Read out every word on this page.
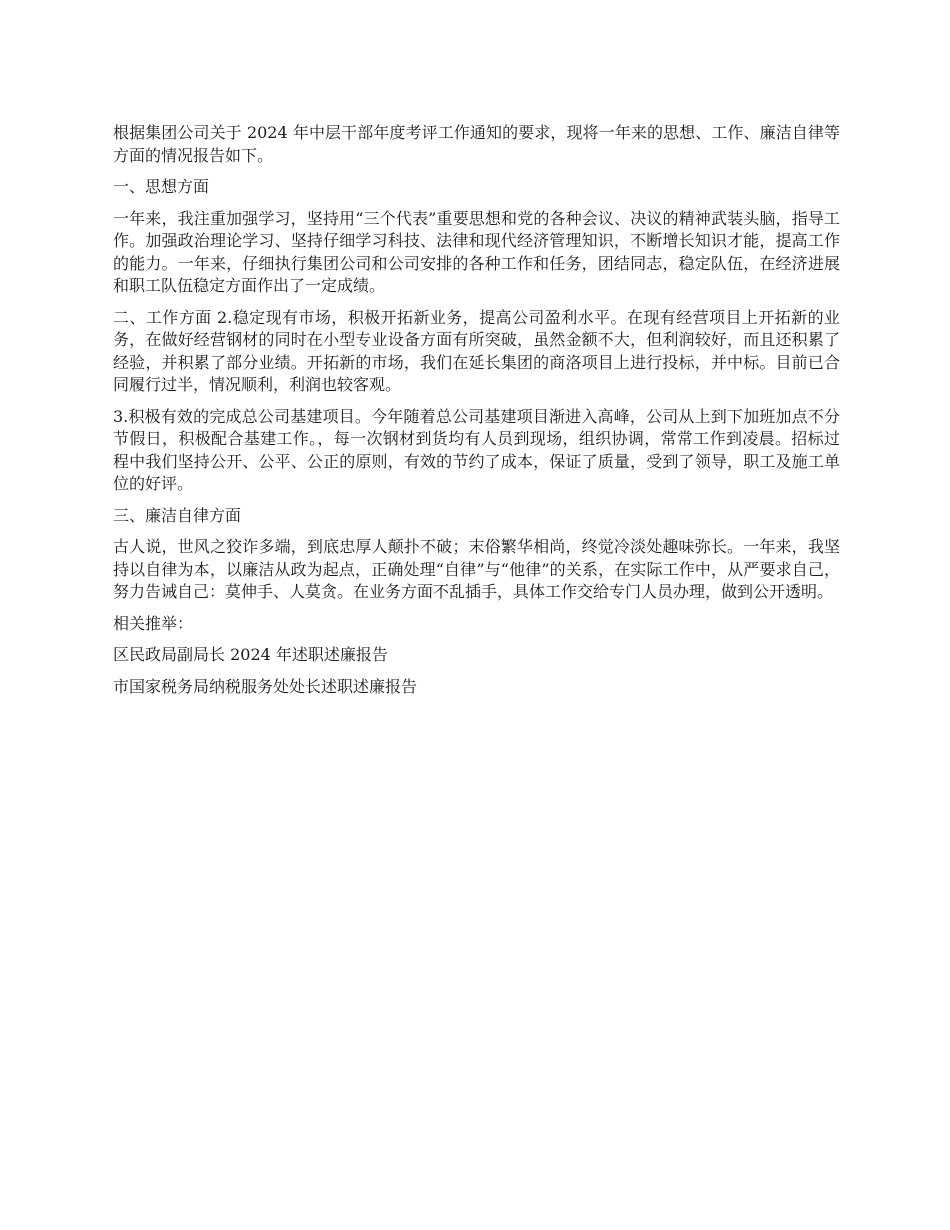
根据集团公司关于 2024 年中层干部年度考评工作通知的要求，现将一年来的思想、工作、廉洁自律等方面的情况报告如下。

一、思想方面

一年来，我注重加强学习，坚持用“三个代表”重要思想和党的各种会议、决议的精神武装头脑，指导工作。加强政治理论学习、坚持仔细学习科技、法律和现代经济管理知识，不断增长知识才能，提高工作的能力。一年来，仔细执行集团公司和公司安排的各种工作和任务，团结同志，稳定队伍，在经济进展和职工队伍稳定方面作出了一定成绩。

二、工作方面 2.稳定现有市场，积极开拓新业务，提高公司盈利水平。在现有经营项目上开拓新的业务，在做好经营钢材的同时在小型专业设备方面有所突破，虽然金额不大，但利润较好，而且还积累了经验，并积累了部分业绩。开拓新的市场，我们在延长集团的商洛项目上进行投标，并中标。目前已合同履行过半，情况顺利，利润也较客观。

3.积极有效的完成总公司基建项目。今年随着总公司基建项目渐进入高峰，公司从上到下加班加点不分节假日，积极配合基建工作。，每一次钢材到货均有人员到现场，组织协调，常常工作到凌晨。招标过程中我们坚持公开、公平、公正的原则，有效的节约了成本，保证了质量，受到了领导，职工及施工单位的好评。

三、廉洁自律方面

古人说，世风之狡诈多端，到底忠厚人颠扑不破；末俗繁华相尚，终觉冷淡处趣味弥长。一年来，我坚持以自律为本，以廉洁从政为起点，正确处理“自律”与“他律”的关系，在实际工作中，从严要求自己，努力告诫自己：莫伸手、人莫贪。在业务方面不乱插手，具体工作交给专门人员办理，做到公开透明。

相关推举：

区民政局副局长 2024 年述职述廉报告

市国家税务局纳税服务处处长述职述廉报告
